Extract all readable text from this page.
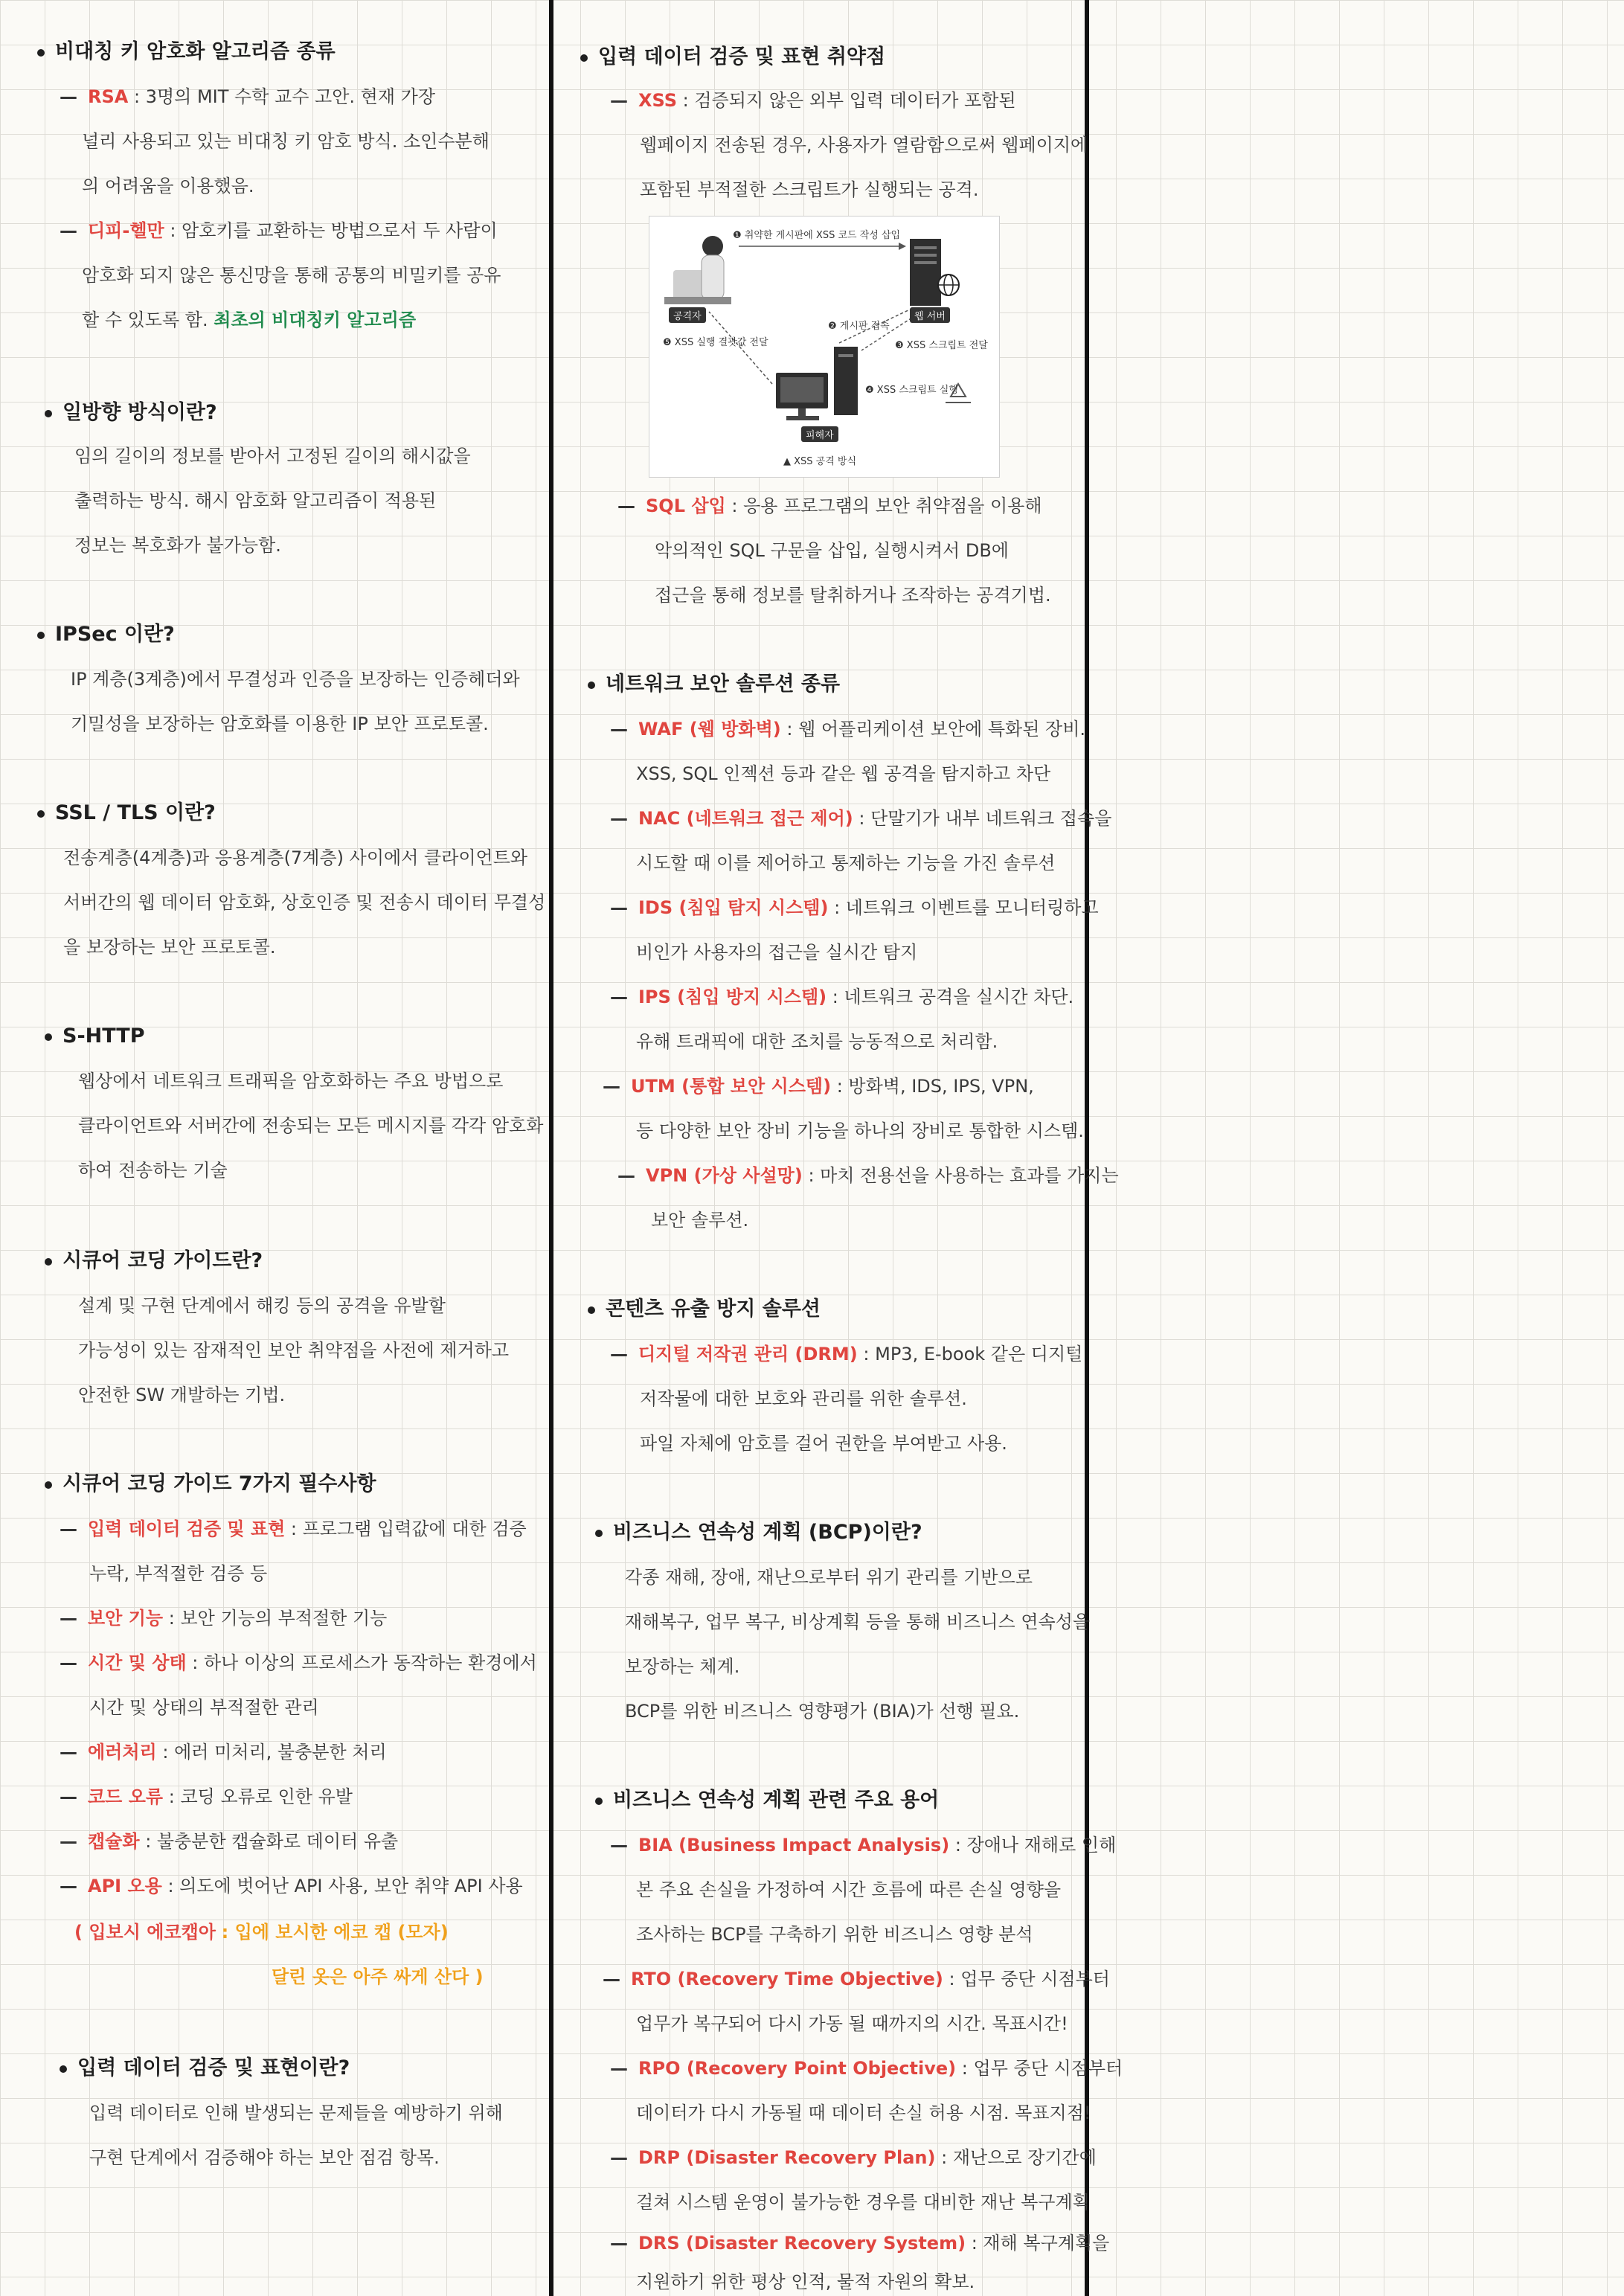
비대칭 키 암호화 알고리즘 종류
— RSA : 3명의 MIT 수학 교수 고안. 현재 가장
널리 사용되고 있는 비대칭 키 암호 방식. 소인수분해
의 어려움을 이용했음.
— 디피-헬만 : 암호키를 교환하는 방법으로서 두 사람이
암호화 되지 않은 통신망을 통해 공통의 비밀키를 공유
할 수 있도록 함. 최초의 비대칭키 알고리즘
일방향 방식이란?
임의 길이의 정보를 받아서 고정된 길이의 해시값을
출력하는 방식. 해시 암호화 알고리즘이 적용된
정보는 복호화가 불가능함.
IPSec 이란?
IP 계층(3계층)에서 무결성과 인증을 보장하는 인증헤더와
기밀성을 보장하는 암호화를 이용한 IP 보안 프로토콜.
SSL / TLS 이란?
전송계층(4계층)과 응용계층(7계층) 사이에서 클라이언트와
서버간의 웹 데이터 암호화, 상호인증 및 전송시 데이터 무결성
을 보장하는 보안 프로토콜.
S-HTTP
웹상에서 네트워크 트래픽을 암호화하는 주요 방법으로
클라이언트와 서버간에 전송되는 모든 메시지를 각각 암호화
하여 전송하는 기술
시큐어 코딩 가이드란?
설계 및 구현 단계에서 해킹 등의 공격을 유발할
가능성이 있는 잠재적인 보안 취약점을 사전에 제거하고
안전한 SW 개발하는 기법.
시큐어 코딩 가이드 7가지 필수사항
— 입력 데이터 검증 및 표현 : 프로그램 입력값에 대한 검증
누락, 부적절한 검증 등
— 보안 기능 : 보안 기능의 부적절한 기능
— 시간 및 상태 : 하나 이상의 프로세스가 동작하는 환경에서
시간 및 상태의 부적절한 관리
— 에러처리 : 에러 미처리, 불충분한 처리
— 코드 오류 : 코딩 오류로 인한 유발
— 캡슐화 : 불충분한 캡슐화로 데이터 유출
— API 오용 : 의도에 벗어난 API 사용, 보안 취약 API 사용
( 입보시 에코캡아 : 입에 보시한 에코 캡 (모자)
달린 옷은 아주 싸게 산다 )
입력 데이터 검증 및 표현이란?
입력 데이터로 인해 발생되는 문제들을 예방하기 위해
구현 단계에서 검증해야 하는 보안 점검 항목.
입력 데이터 검증 및 표현 취약점
— XSS : 검증되지 않은 외부 입력 데이터가 포함된
웹페이지 전송된 경우, 사용자가 열람함으로써 웹페이지에
포함된 부적절한 스크립트가 실행되는 공격.
❶ 취약한 게시판에 XSS 코드 작성 삽입
공격자	웹 서버
❷ 게시판 접속
❸ XSS 스크립트 전달
❺ XSS 실행 결괏값 전달
❹ XSS 스크립트 실행
피해자
▲ XSS 공격 방식
— SQL 삽입 : 응용 프로그램의 보안 취약점을 이용해
악의적인 SQL 구문을 삽입, 실행시켜서 DB에
접근을 통해 정보를 탈취하거나 조작하는 공격기법.
네트워크 보안 솔루션 종류
— WAF (웹 방화벽) : 웹 어플리케이션 보안에 특화된 장비.
XSS, SQL 인젝션 등과 같은 웹 공격을 탐지하고 차단
— NAC (네트워크 접근 제어) : 단말기가 내부 네트워크 접속을
시도할 때 이를 제어하고 통제하는 기능을 가진 솔루션
— IDS (침입 탐지 시스템) : 네트워크 이벤트를 모니터링하고
비인가 사용자의 접근을 실시간 탐지
— IPS (침입 방지 시스템) : 네트워크 공격을 실시간 차단.
유해 트래픽에 대한 조치를 능동적으로 처리함.
— UTM (통합 보안 시스템) : 방화벽, IDS, IPS, VPN,
등 다양한 보안 장비 기능을 하나의 장비로 통합한 시스템.
— VPN (가상 사설망) : 마치 전용선을 사용하는 효과를 가지는
보안 솔루션.
콘텐츠 유출 방지 솔루션
— 디지털 저작권 관리 (DRM) : MP3, E-book 같은 디지털
저작물에 대한 보호와 관리를 위한 솔루션.
파일 자체에 암호를 걸어 권한을 부여받고 사용.
비즈니스 연속성 계획 (BCP)이란?
각종 재해, 장애, 재난으로부터 위기 관리를 기반으로
재해복구, 업무 복구, 비상계획 등을 통해 비즈니스 연속성을
보장하는 체계.
BCP를 위한 비즈니스 영향평가 (BIA)가 선행 필요.
비즈니스 연속성 계획 관련 주요 용어
— BIA (Business Impact Analysis) : 장애나 재해로 인해
본 주요 손실을 가정하여 시간 흐름에 따른 손실 영향을
조사하는 BCP를 구축하기 위한 비즈니스 영향 분석
— RTO (Recovery Time Objective) : 업무 중단 시점부터
업무가 복구되어 다시 가동 될 때까지의 시간. 목표시간!
— RPO (Recovery Point Objective) : 업무 중단 시점부터
데이터가 다시 가동될 때 데이터 손실 허용 시점. 목표지점!
— DRP (Disaster Recovery Plan) : 재난으로 장기간에
걸쳐 시스템 운영이 불가능한 경우를 대비한 재난 복구계획
— DRS (Disaster Recovery System) : 재해 복구계획을
지원하기 위한 평상 인적, 물적 자원의 확보.
